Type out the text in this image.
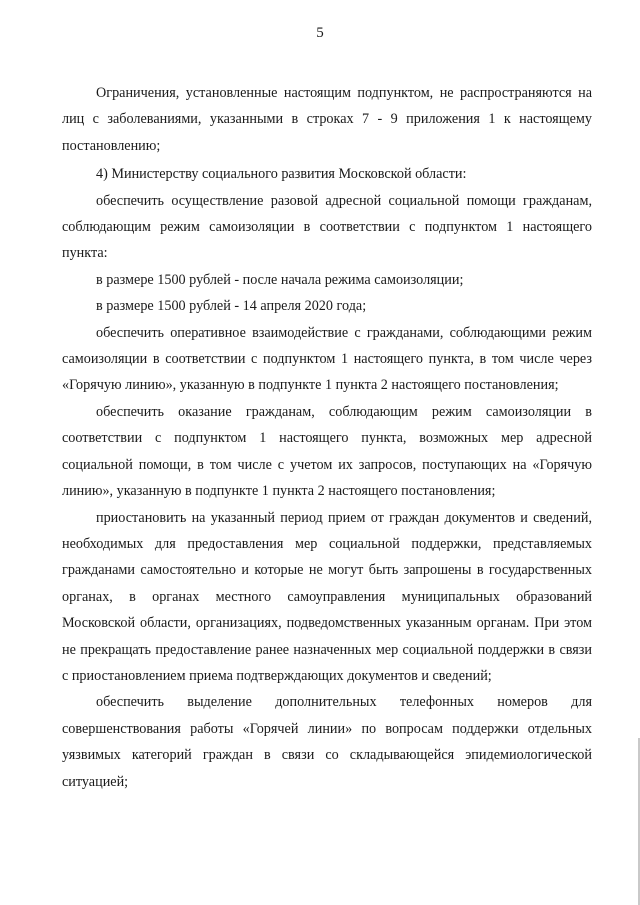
5

Ограничения, установленные настоящим подпунктом, не распространяются на лиц с заболеваниями, указанными в строках 7 - 9 приложения 1 к настоящему постановлению;

4) Министерству социального развития Московской области:

обеспечить осуществление разовой адресной социальной помощи гражданам, соблюдающим режим самоизоляции в соответствии с подпунктом 1 настоящего пункта:

в размере 1500 рублей - после начала режима самоизоляции;

в размере 1500 рублей - 14 апреля 2020 года;

обеспечить оперативное взаимодействие с гражданами, соблюдающими режим самоизоляции в соответствии с подпунктом 1 настоящего пункта, в том числе через «Горячую линию», указанную в подпункте 1 пункта 2 настоящего постановления;

обеспечить оказание гражданам, соблюдающим режим самоизоляции в соответствии с подпунктом 1 настоящего пункта, возможных мер адресной социальной помощи, в том числе с учетом их запросов, поступающих на «Горячую линию», указанную в подпункте 1 пункта 2 настоящего постановления;

приостановить на указанный период прием от граждан документов и сведений, необходимых для предоставления мер социальной поддержки, представляемых гражданами самостоятельно и которые не могут быть запрошены в государственных органах, в органах местного самоуправления муниципальных образований Московской области, организациях, подведомственных указанным органам. При этом не прекращать предоставление ранее назначенных мер социальной поддержки в связи с приостановлением приема подтверждающих документов и сведений;

обеспечить выделение дополнительных телефонных номеров для совершенствования работы «Горячей линии» по вопросам поддержки отдельных уязвимых категорий граждан в связи со складывающейся эпидемиологической ситуацией;
